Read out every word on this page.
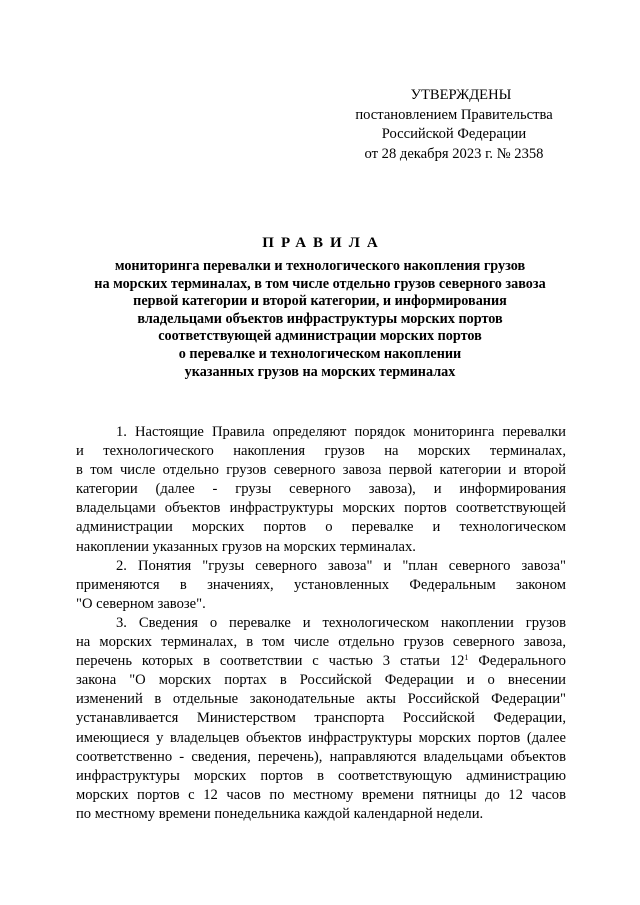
УТВЕРЖДЕНЫ
постановлением Правительства
Российской Федерации
от 28 декабря 2023 г. № 2358
ПРАВИЛА
мониторинга перевалки и технологического накопления грузов
на морских терминалах, в том числе отдельно грузов северного завоза
первой категории и второй категории, и информирования
владельцами объектов инфраструктуры морских портов
соответствующей администрации морских портов
о перевалке и технологическом накоплении
указанных грузов на морских терминалах
1. Настоящие Правила определяют порядок мониторинга перевалки
и технологического накопления грузов на морских терминалах,
в том числе отдельно грузов северного завоза первой категории и второй
категории (далее - грузы северного завоза), и информирования
владельцами объектов инфраструктуры морских портов соответствующей
администрации морских портов о перевалке и технологическом
накоплении указанных грузов на морских терминалах.
2. Понятия "грузы северного завоза" и "план северного завоза"
применяются в значениях, установленных Федеральным законом
"О северном завозе".
3. Сведения о перевалке и технологическом накоплении грузов
на морских терминалах, в том числе отдельно грузов северного завоза,
перечень которых в соответствии с частью 3 статьи $12^1$ Федерального
закона "О морских портах в Российской Федерации и о внесении
изменений в отдельные законодательные акты Российской Федерации"
устанавливается Министерством транспорта Российской Федерации,
имеющиеся у владельцев объектов инфраструктуры морских портов (далее
соответственно - сведения, перечень), направляются владельцами объектов
инфраструктуры морских портов в соответствующую администрацию
морских портов с 12 часов по местному времени пятницы до 12 часов
по местному времени понедельника каждой календарной недели.
